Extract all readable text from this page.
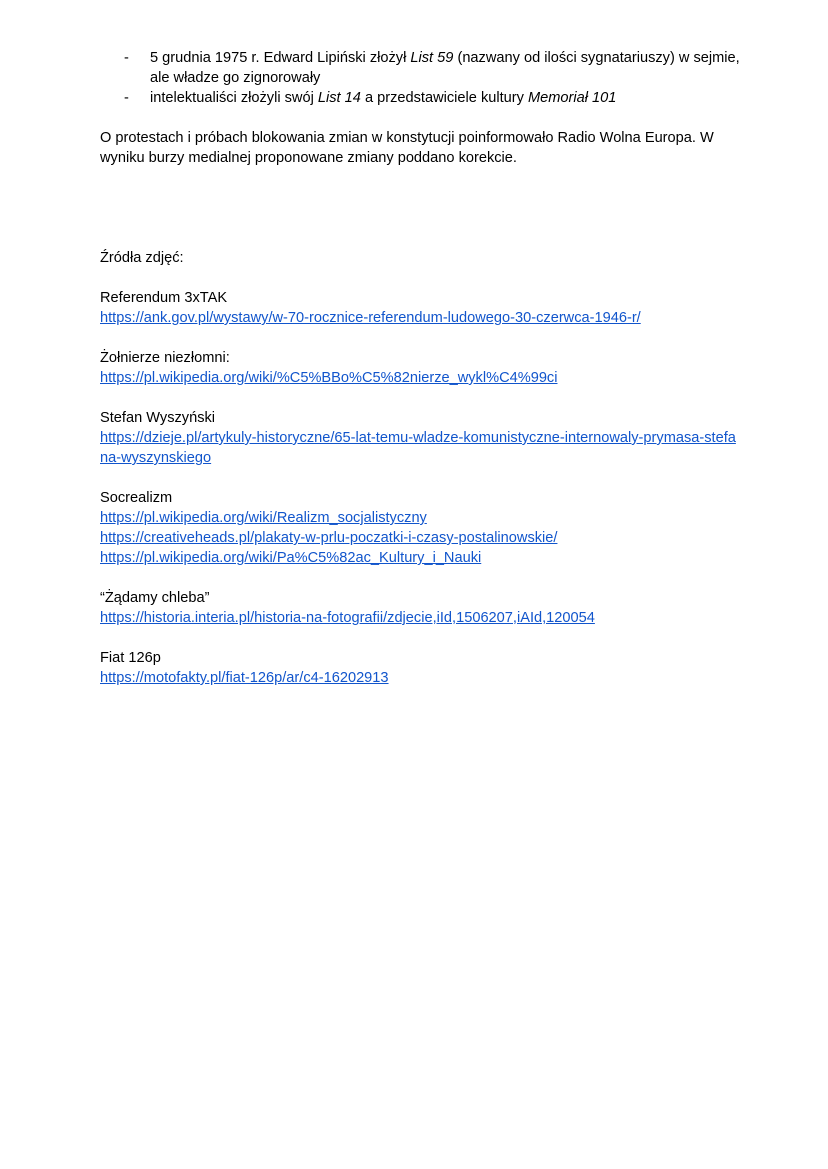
- 5 grudnia 1975 r. Edward Lipiński złożył List 59 (nazwany od ilości sygnatariuszy) w sejmie, ale władze go zignorowały
- intelektualiści złożyli swój List 14 a przedstawiciele kultury Memoriał 101

O protestach i próbach blokowania zmian w konstytucji poinformowało Radio Wolna Europa. W wyniku burzy medialnej proponowane zmiany poddano korekcie.

Źródła zdjęć:

Referendum 3xTAK

https://ank.gov.pl/wystawy/w-70-rocznice-referendum-ludowego-30-czerwca-1946-r/

Żołnierze niezłomni:

https://pl.wikipedia.org/wiki/%C5%BBo%C5%82nierze_wykl%C4%99ci

Stefan Wyszyński

https://dzieje.pl/artykuly-historyczne/65-lat-temu-wladze-komunistyczne-internowaly-prymasa-stefana-wyszynskiego

Socrealizm

https://pl.wikipedia.org/wiki/Realizm_socjalistyczny
https://creativeheads.pl/plakaty-w-prlu-poczatki-i-czasy-postalinowskie/
https://pl.wikipedia.org/wiki/Pa%C5%82ac_Kultury_i_Nauki

“Żądamy chleba”

https://historia.interia.pl/historia-na-fotografii/zdjecie,iId,1506207,iAId,120054

Fiat 126p

https://motofakty.pl/fiat-126p/ar/c4-16202913
